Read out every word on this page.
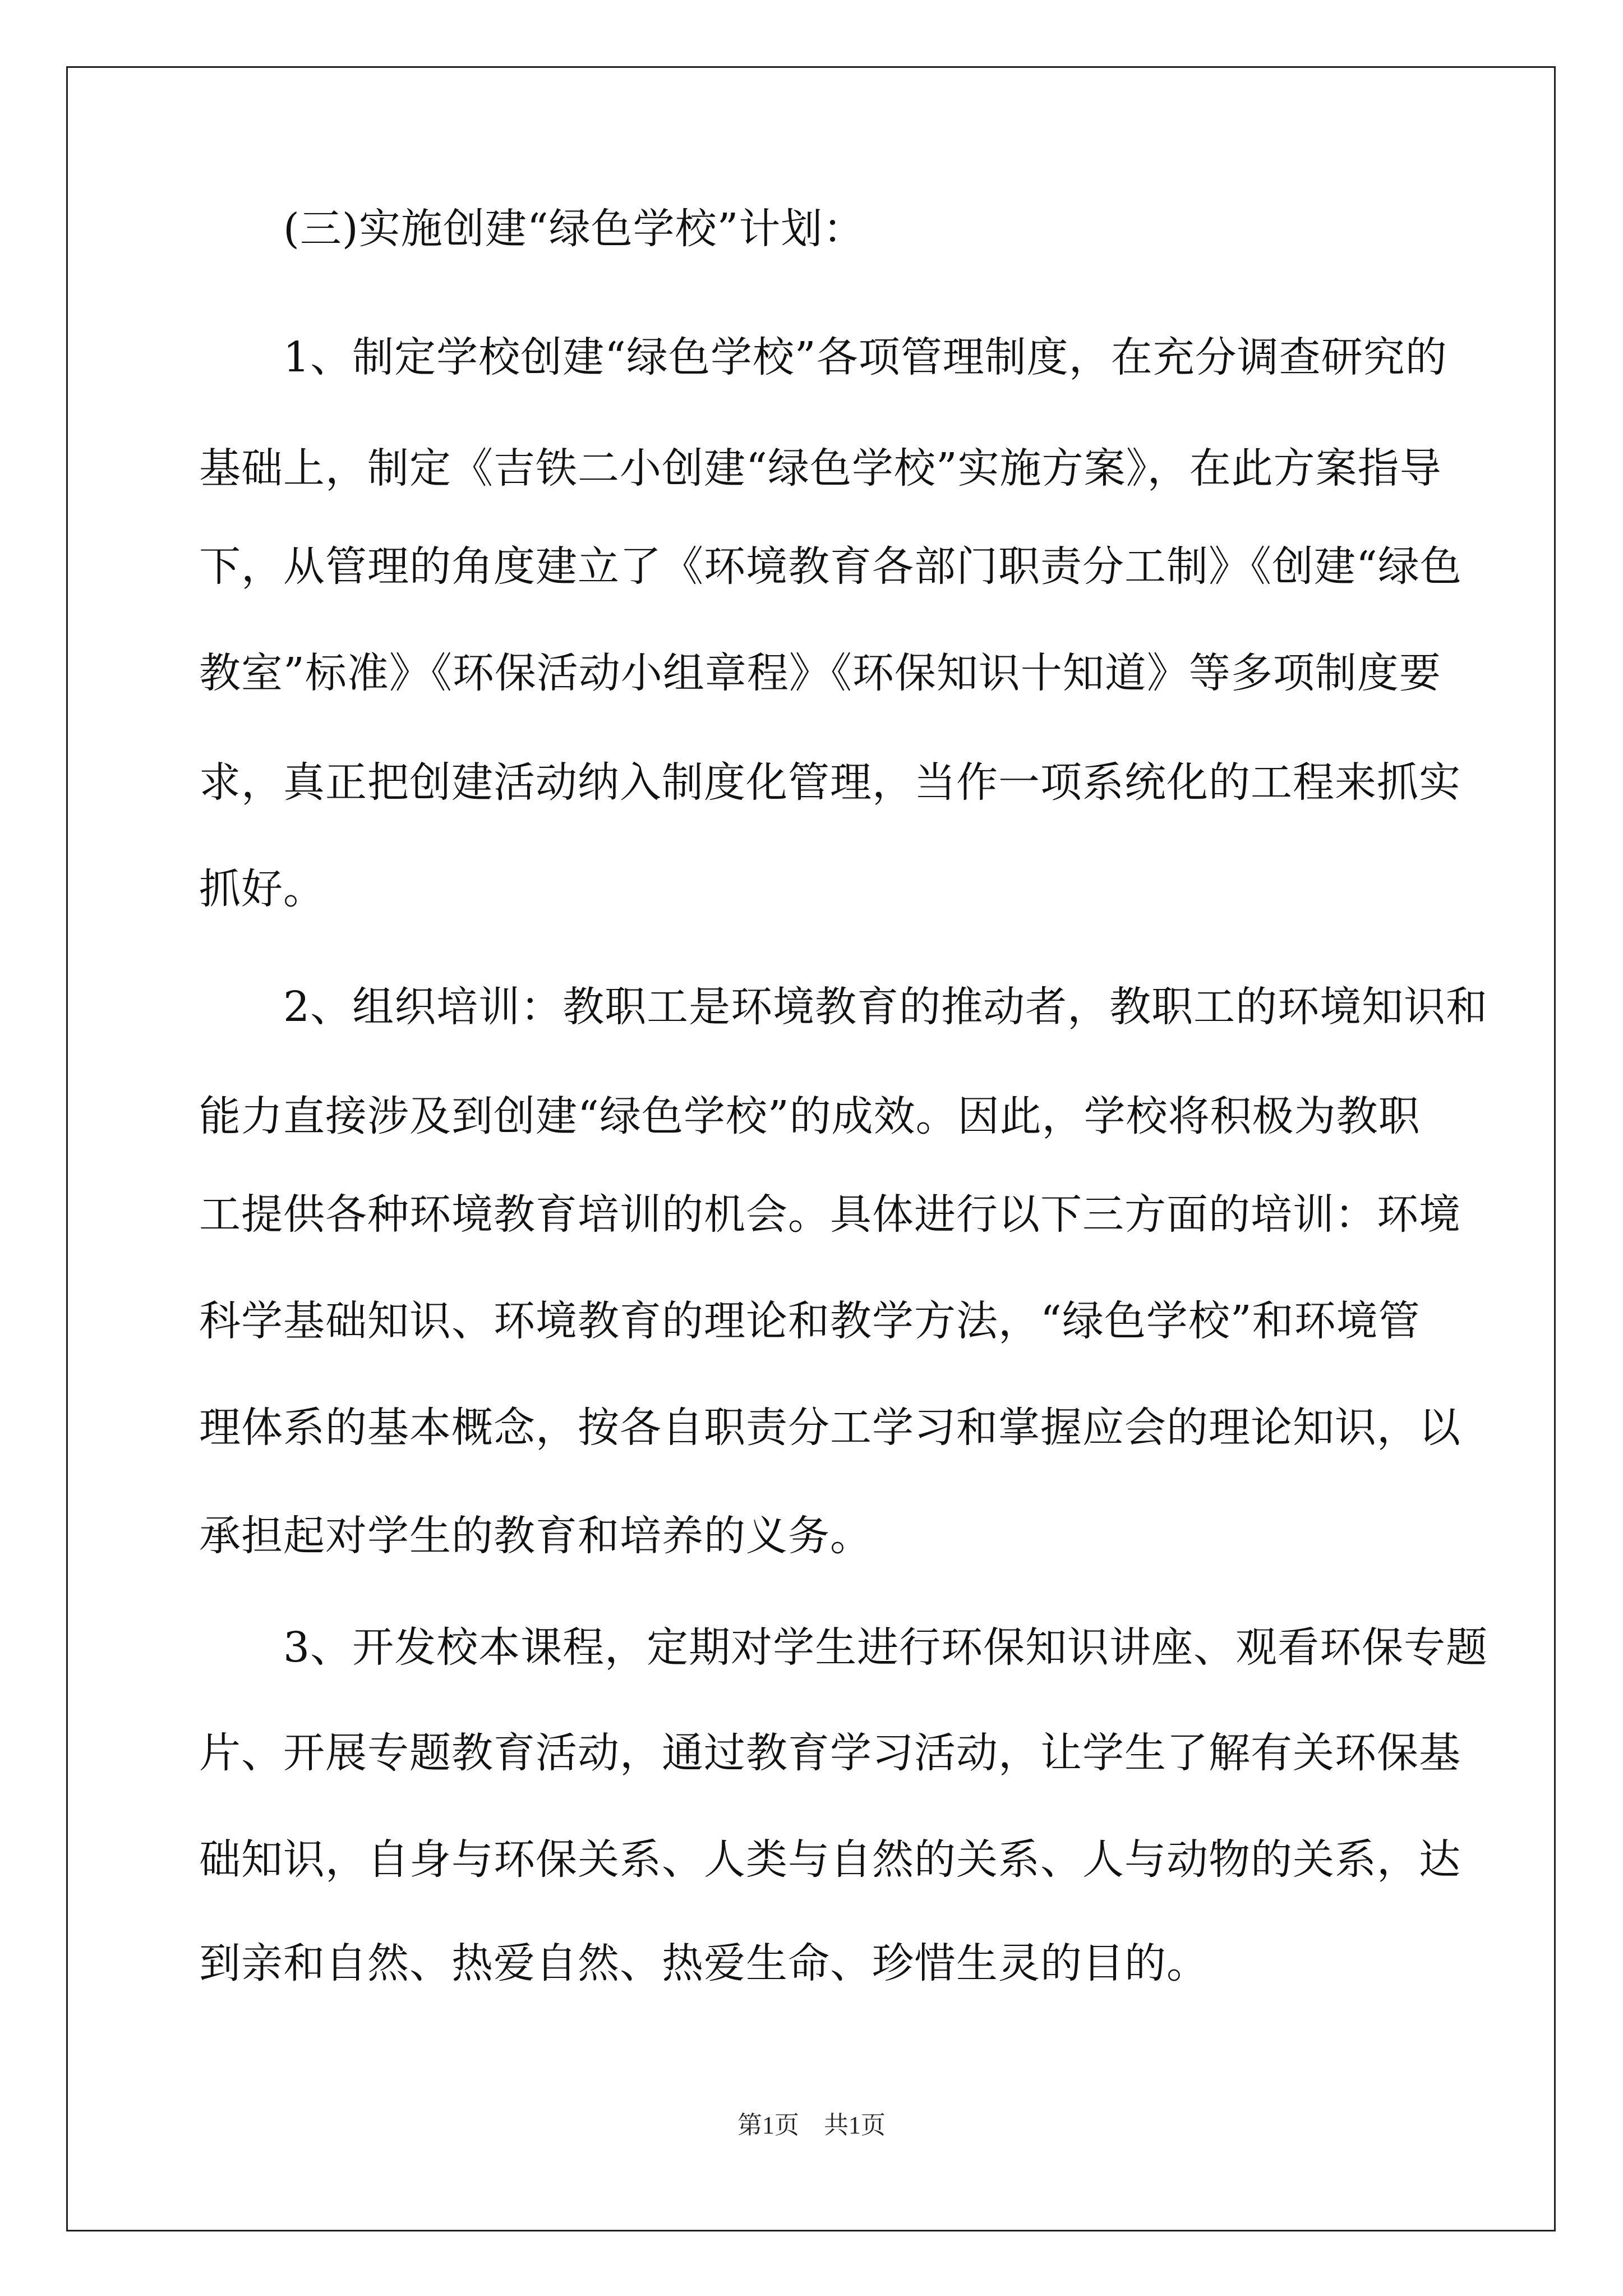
　　(三)实施创建“绿色学校”计划：
　　1、制定学校创建“绿色学校”各项管理制度，在充分调查研究的
基础上，制定《吉铁二小创建“绿色学校”实施方案》，在此方案指导
下，从管理的角度建立了《环境教育各部门职责分工制》《创建“绿色
教室”标准》《环保活动小组章程》《环保知识十知道》等多项制度要
求，真正把创建活动纳入制度化管理，当作一项系统化的工程来抓实
抓好。
　　2、组织培训：教职工是环境教育的推动者，教职工的环境知识和
能力直接涉及到创建“绿色学校”的成效。因此，学校将积极为教职
工提供各种环境教育培训的机会。具体进行以下三方面的培训：环境
科学基础知识、环境教育的理论和教学方法，“绿色学校”和环境管
理体系的基本概念，按各自职责分工学习和掌握应会的理论知识，以
承担起对学生的教育和培养的义务。
　　3、开发校本课程，定期对学生进行环保知识讲座、观看环保专题
片、开展专题教育活动，通过教育学习活动，让学生了解有关环保基
础知识，自身与环保关系、人类与自然的关系、人与动物的关系，达
到亲和自然、热爱自然、热爱生命、珍惜生灵的目的。
第1页　共1页
